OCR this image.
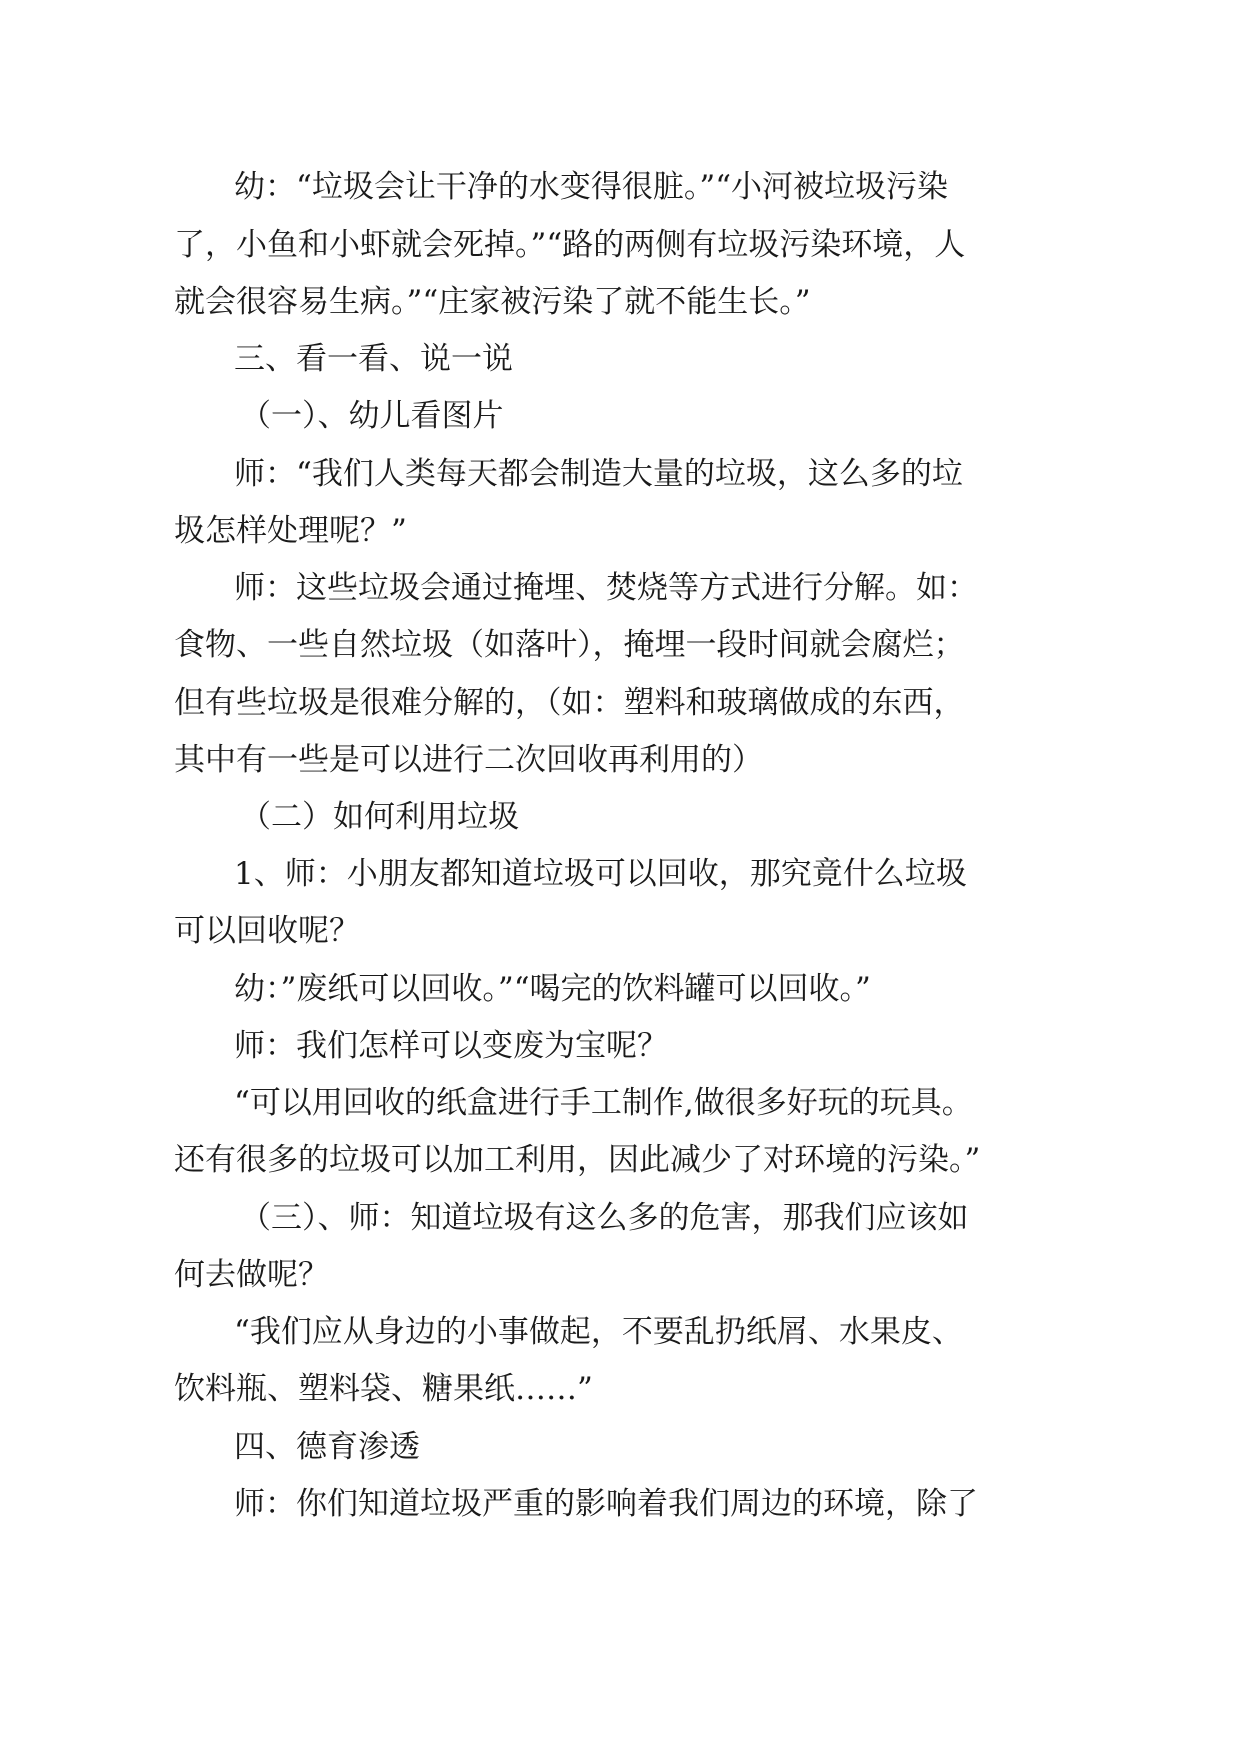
幼：“垃圾会让干净的水变得很脏。”“小河被垃圾污染
了，小鱼和小虾就会死掉。”“路的两侧有垃圾污染环境，人
就会很容易生病。”“庄家被污染了就不能生长。”
三、看一看、说一说
（一）、幼儿看图片
师：“我们人类每天都会制造大量的垃圾，这么多的垃
圾怎样处理呢？”
师：这些垃圾会通过掩埋、焚烧等方式进行分解。如：
食物、一些自然垃圾（如落叶），掩埋一段时间就会腐烂；
但有些垃圾是很难分解的，（如：塑料和玻璃做成的东西，
其中有一些是可以进行二次回收再利用的）
（二）如何利用垃圾
1、师：小朋友都知道垃圾可以回收，那究竟什么垃圾
可以回收呢？
幼：”废纸可以回收。”“喝完的饮料罐可以回收。”
师：我们怎样可以变废为宝呢？
“可以用回收的纸盒进行手工制作,做很多好玩的玩具。
还有很多的垃圾可以加工利用，因此减少了对环境的污染。”
（三）、师：知道垃圾有这么多的危害，那我们应该如
何去做呢？
“我们应从身边的小事做起，不要乱扔纸屑、水果皮、
饮料瓶、塑料袋、糖果纸……”
四、德育渗透
师：你们知道垃圾严重的影响着我们周边的环境，除了
